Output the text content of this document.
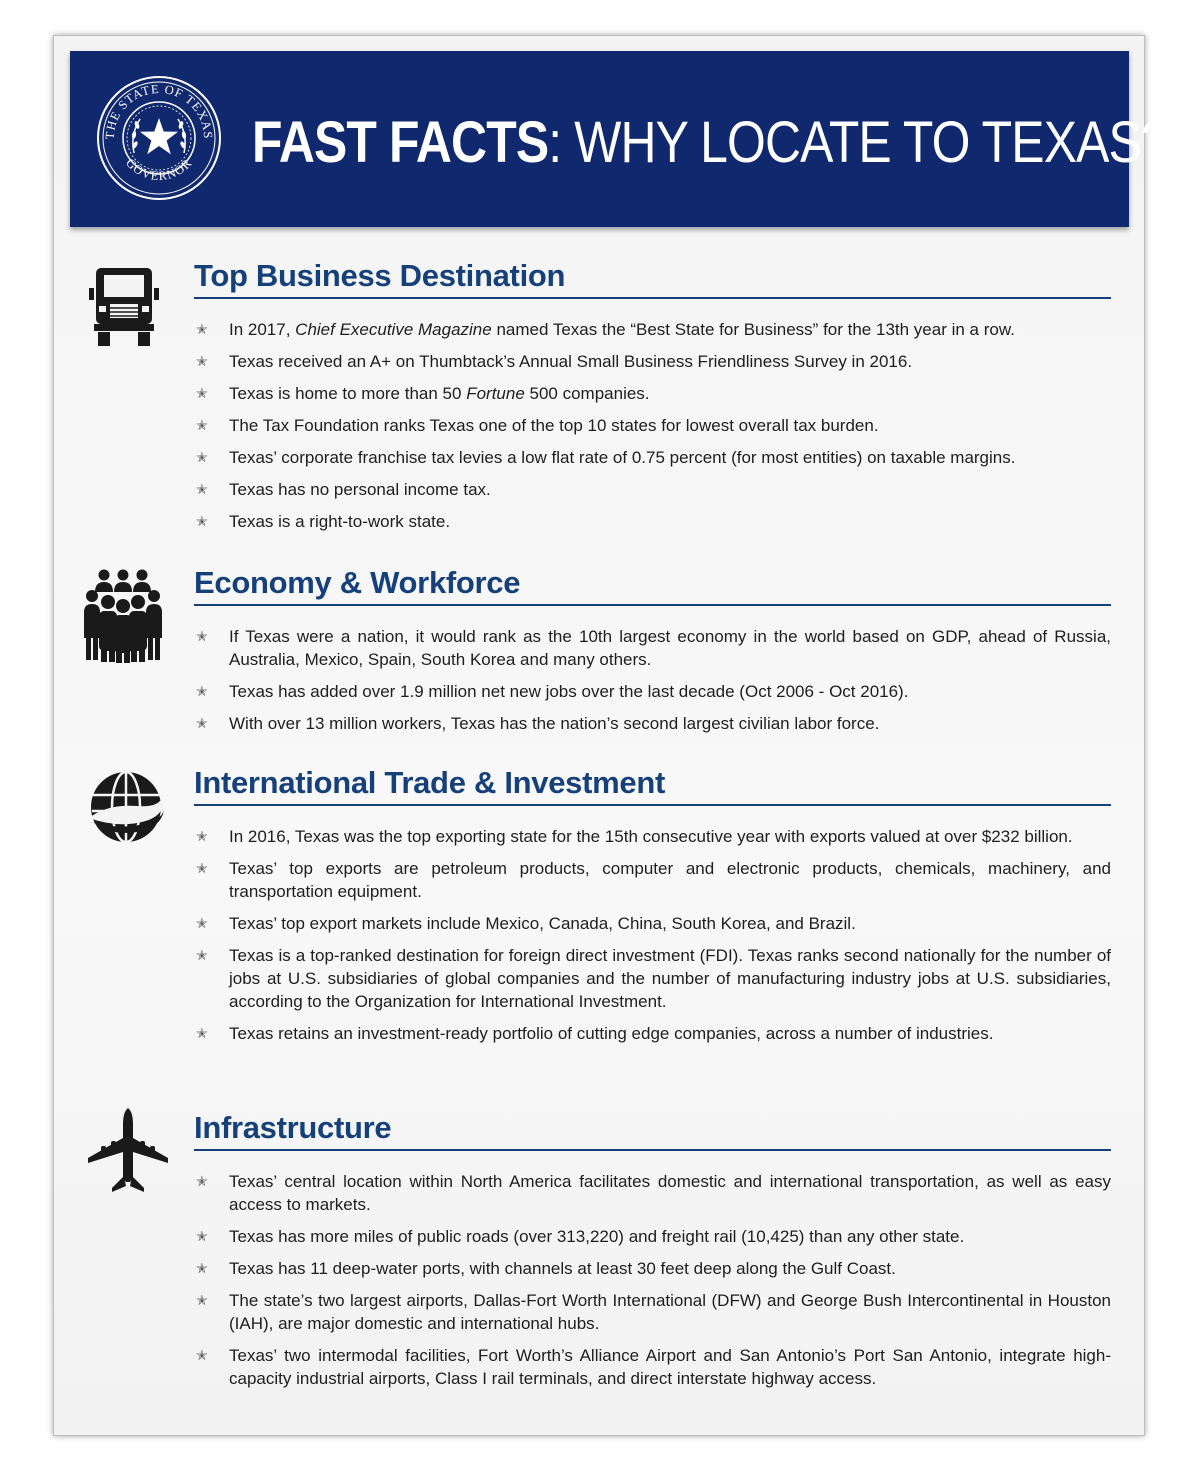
THE STATE OF TEXAS
GOVERNOR FAST FACTS: WHY LOCATE TO TEXAS?
Top Business Destination
✭ In 2017, Chief Executive Magazine named Texas the “Best State for Business” for the 13th year in a row.
✭ Texas received an A+ on Thumbtack’s Annual Small Business Friendliness Survey in 2016.
✭ Texas is home to more than 50 Fortune 500 companies.
✭ The Tax Foundation ranks Texas one of the top 10 states for lowest overall tax burden.
✭ Texas’ corporate franchise tax levies a low flat rate of 0.75 percent (for most entities) on taxable margins.
✭ Texas has no personal income tax.
✭ Texas is a right-to-work state.
Economy & Workforce
✭ If Texas were a nation, it would rank as the 10th largest economy in the world based on GDP, ahead of Russia, Australia, Mexico, Spain, South Korea and many others.
✭ Texas has added over 1.9 million net new jobs over the last decade (Oct 2006 - Oct 2016).
✭ With over 13 million workers, Texas has the nation’s second largest civilian labor force.
International Trade & Investment
✭ In 2016, Texas was the top exporting state for the 15th consecutive year with exports valued at over $232 billion.
✭ Texas’ top exports are petroleum products, computer and electronic products, chemicals, machinery, and transportation equipment.
✭ Texas’ top export markets include Mexico, Canada, China, South Korea, and Brazil.
✭ Texas is a top-ranked destination for foreign direct investment (FDI). Texas ranks second nationally for the number of jobs at U.S. subsidiaries of global companies and the number of manufacturing industry jobs at U.S. subsidiaries, according to the Organization for International Investment.
✭ Texas retains an investment-ready portfolio of cutting edge companies, across a number of industries.
Infrastructure
✭ Texas’ central location within North America facilitates domestic and international transportation, as well as easy access to markets.
✭ Texas has more miles of public roads (over 313,220) and freight rail (10,425) than any other state.
✭ Texas has 11 deep-water ports, with channels at least 30 feet deep along the Gulf Coast.
✭ The state’s two largest airports, Dallas-Fort Worth International (DFW) and George Bush Intercontinental in Houston (IAH), are major domestic and international hubs.
✭ Texas’ two intermodal facilities, Fort Worth’s Alliance Airport and San Antonio’s Port San Antonio, integrate high-capacity industrial airports, Class I rail terminals, and direct interstate highway access.
